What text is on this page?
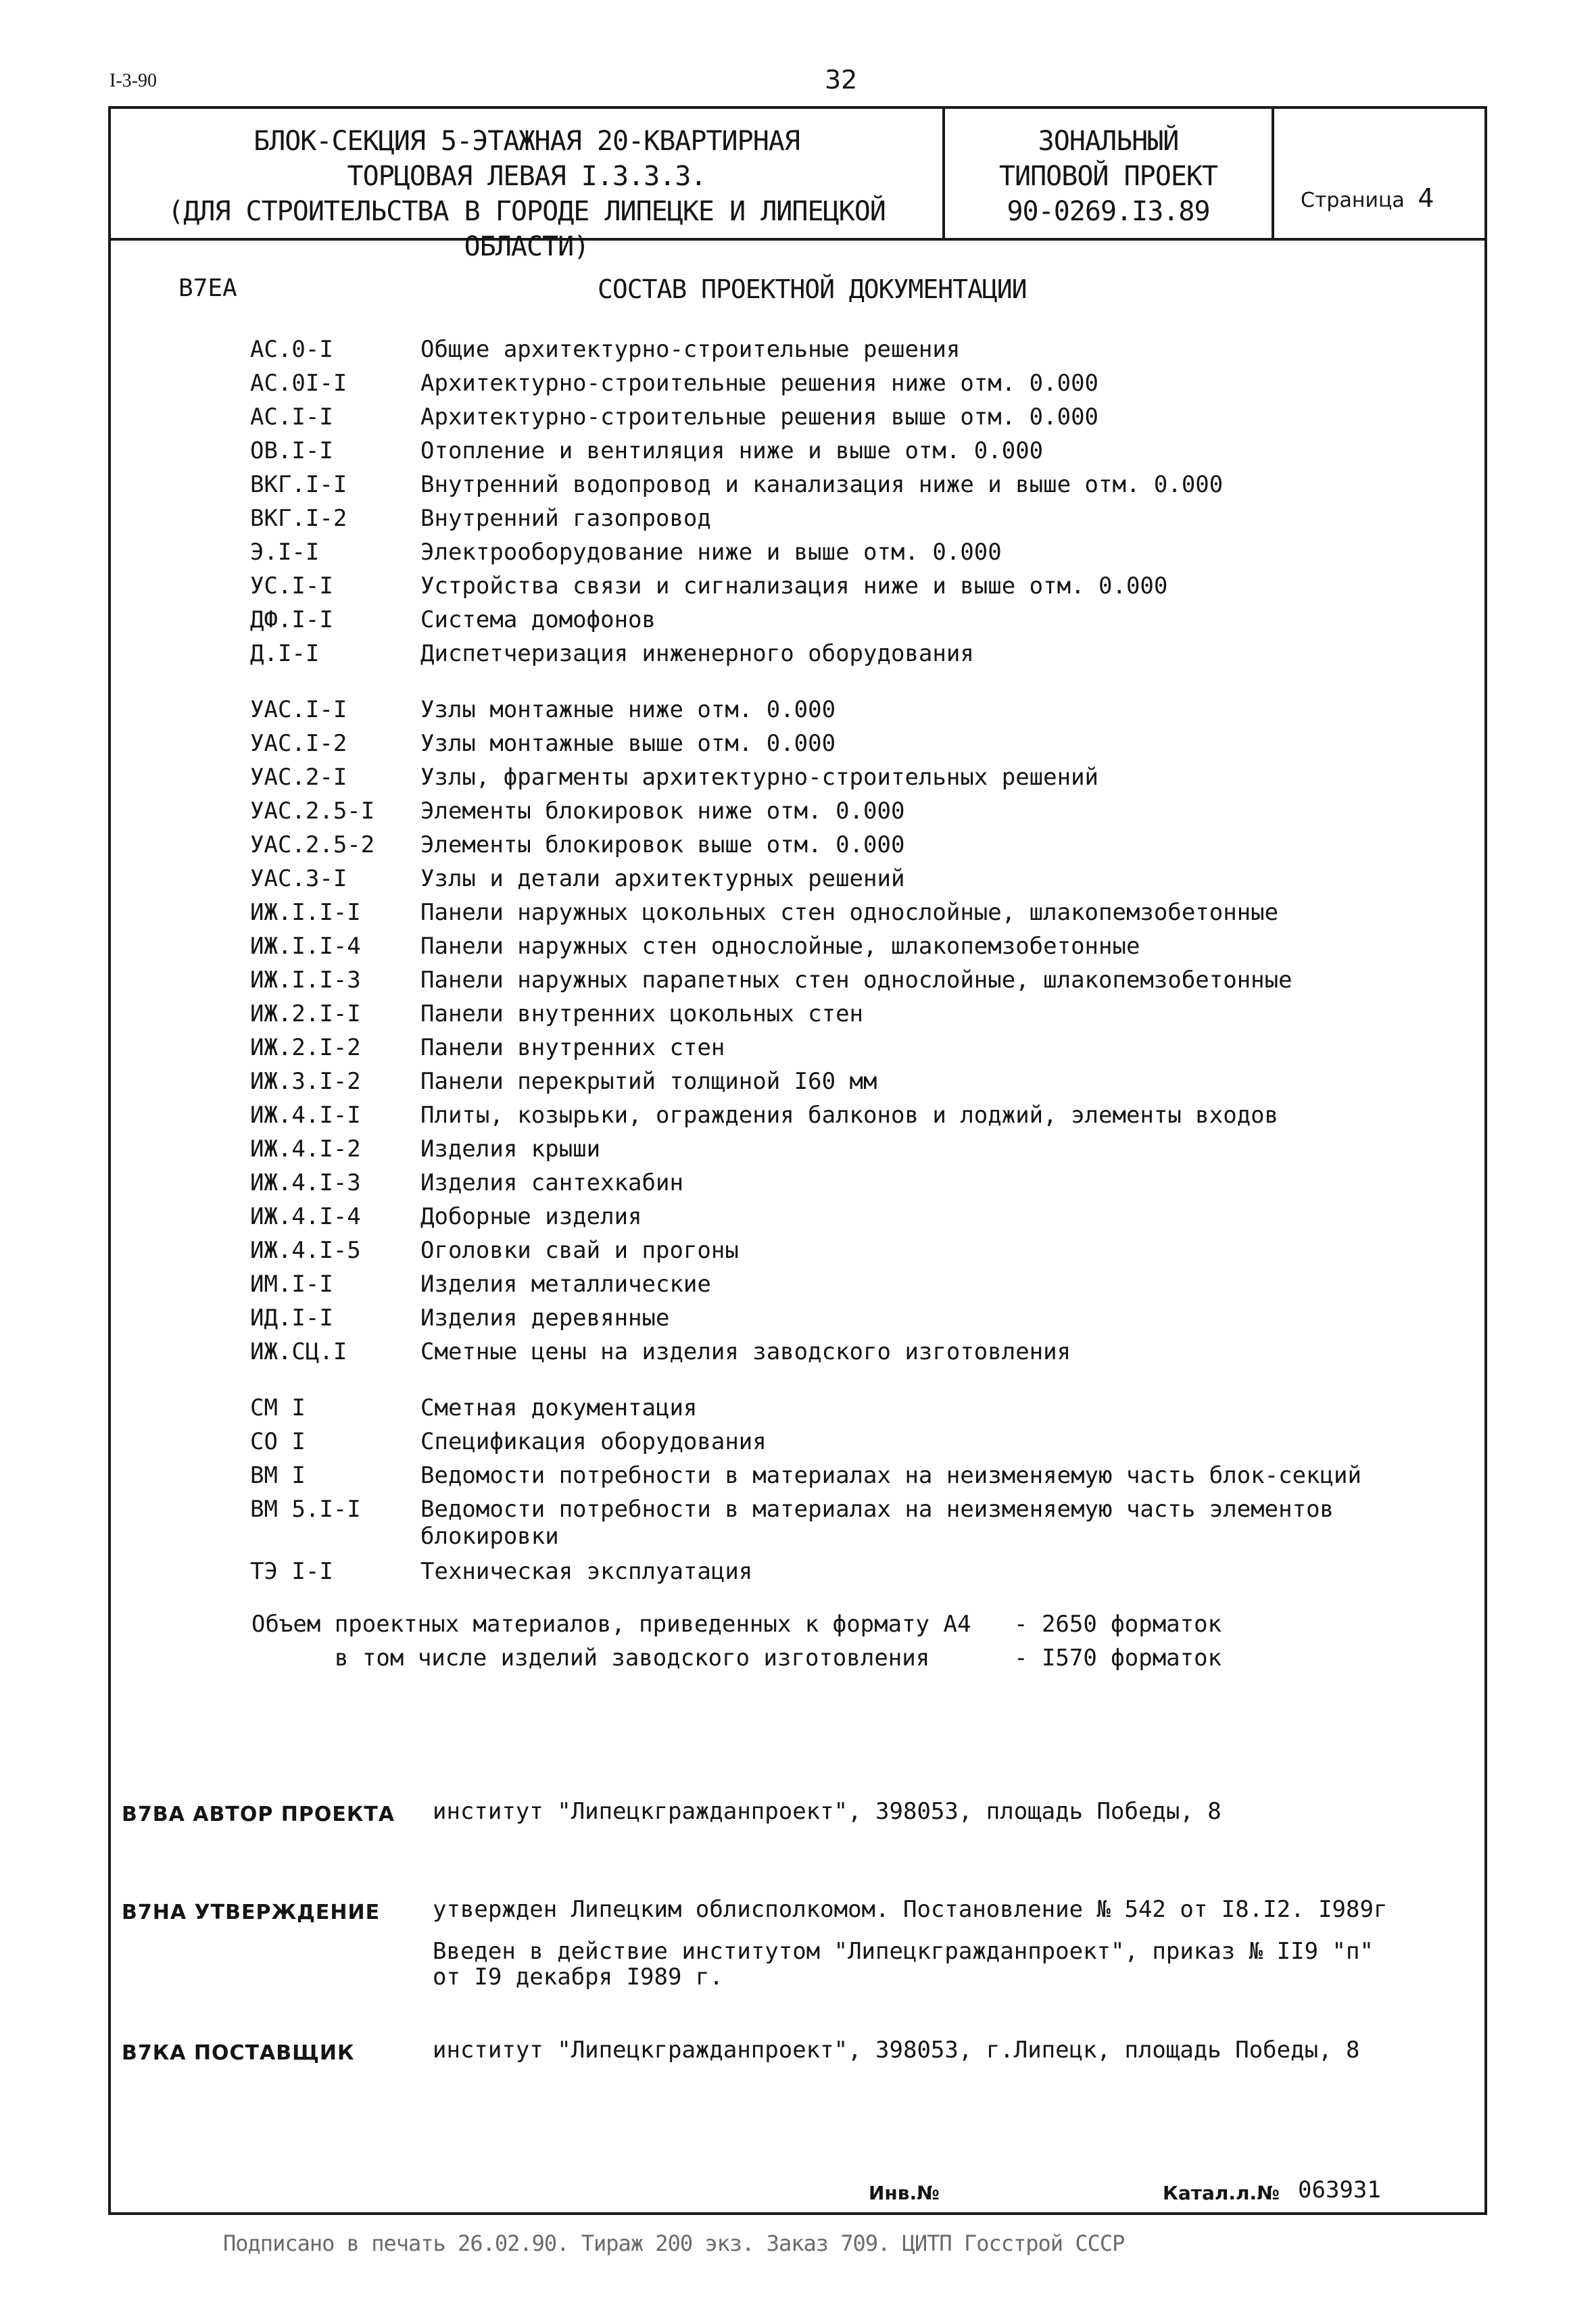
I-3-90	32
БЛОК-СЕКЦИЯ 5-ЭТАЖНАЯ 20-КВАРТИРНАЯ
ТОРЦОВАЯ ЛЕВАЯ I.3.3.3.
(ДЛЯ СТРОИТЕЛЬСТВА В ГОРОДЕ ЛИПЕЦКЕ И ЛИПЕЦКОЙ ОБЛАСТИ)
ЗОНАЛЬНЫЙ
ТИПОВОЙ ПРОЕКТ
90-0269.I3.89	Страница 4
В7ЕА	СОСТАВ ПРОЕКТНОЙ ДОКУМЕНТАЦИИ
АС.0-I	Общие архитектурно-строительные решения
АС.0I-I	Архитектурно-строительные решения ниже отм. 0.000
АС.I-I	Архитектурно-строительные решения выше отм. 0.000
ОВ.I-I	Отопление и вентиляция ниже и выше отм. 0.000
ВКГ.I-I	Внутренний водопровод и канализация ниже и выше отм. 0.000
ВКГ.I-2	Внутренний газопровод
Э.I-I	Электрооборудование ниже и выше отм. 0.000
УС.I-I	Устройства связи и сигнализация ниже и выше отм. 0.000
ДФ.I-I	Система домофонов
Д.I-I	Диспетчеризация инженерного оборудования
УАС.I-I	Узлы монтажные ниже отм. 0.000
УАС.I-2	Узлы монтажные выше отм. 0.000
УАС.2-I	Узлы, фрагменты архитектурно-строительных решений
УАС.2.5-I Элементы блокировок ниже отм. 0.000
УАС.2.5-2 Элементы блокировок выше отм. 0.000
УАС.3-I	Узлы и детали архитектурных решений
ИЖ.I.I-I	Панели наружных цокольных стен однослойные, шлакопемзобетонные
ИЖ.I.I-4	Панели наружных стен однослойные, шлакопемзобетонные
ИЖ.I.I-3	Панели наружных парапетных стен однослойные, шлакопемзобетонные
ИЖ.2.I-I	Панели внутренних цокольных стен
ИЖ.2.I-2	Панели внутренних стен
ИЖ.3.I-2	Панели перекрытий толщиной I60 мм
ИЖ.4.I-I	Плиты, козырьки, ограждения балконов и лоджий, элементы входов
ИЖ.4.I-2	Изделия крыши
ИЖ.4.I-3	Изделия сантехкабин
ИЖ.4.I-4	Доборные изделия
ИЖ.4.I-5	Оголовки свай и прогоны
ИМ.I-I	Изделия металлические
ИД.I-I	Изделия деревянные
ИЖ.СЦ.I	Сметные цены на изделия заводского изготовления
СМ I	Сметная документация
СО I	Спецификация оборудования
ВМ I	Ведомости потребности в материалах на неизменяемую часть блок-секций
ВМ 5.I-I	Ведомости потребности в материалах на неизменяемую часть элементов блокировки
ТЭ I-I	Техническая эксплуатация
Объем проектных материалов, приведенных к формату А4 - 2650 форматок
в том числе изделий заводского изготовления	- I570 форматок
В7ВА АВТОР ПРОЕКТА институт "Липецкгражданпроект", 398053, площадь Победы, 8
В7НА УТВЕРЖДЕНИЕ утвержден Липецким облисполкомом. Постановление № 542 от I8.I2. I989г
Введен в действие институтом "Липецкгражданпроект", приказ № II9 "п"
от I9 декабря I989 г.
В7КА ПОСТАВЩИК	институт "Липецкгражданпроект", 398053, г.Липецк, площадь Победы, 8
Инв.№	Катал.л.№ 063931
Подписано в печать 26.02.90. Тираж 200 экз. Заказ 709. ЦИТП Госстрой СССР
